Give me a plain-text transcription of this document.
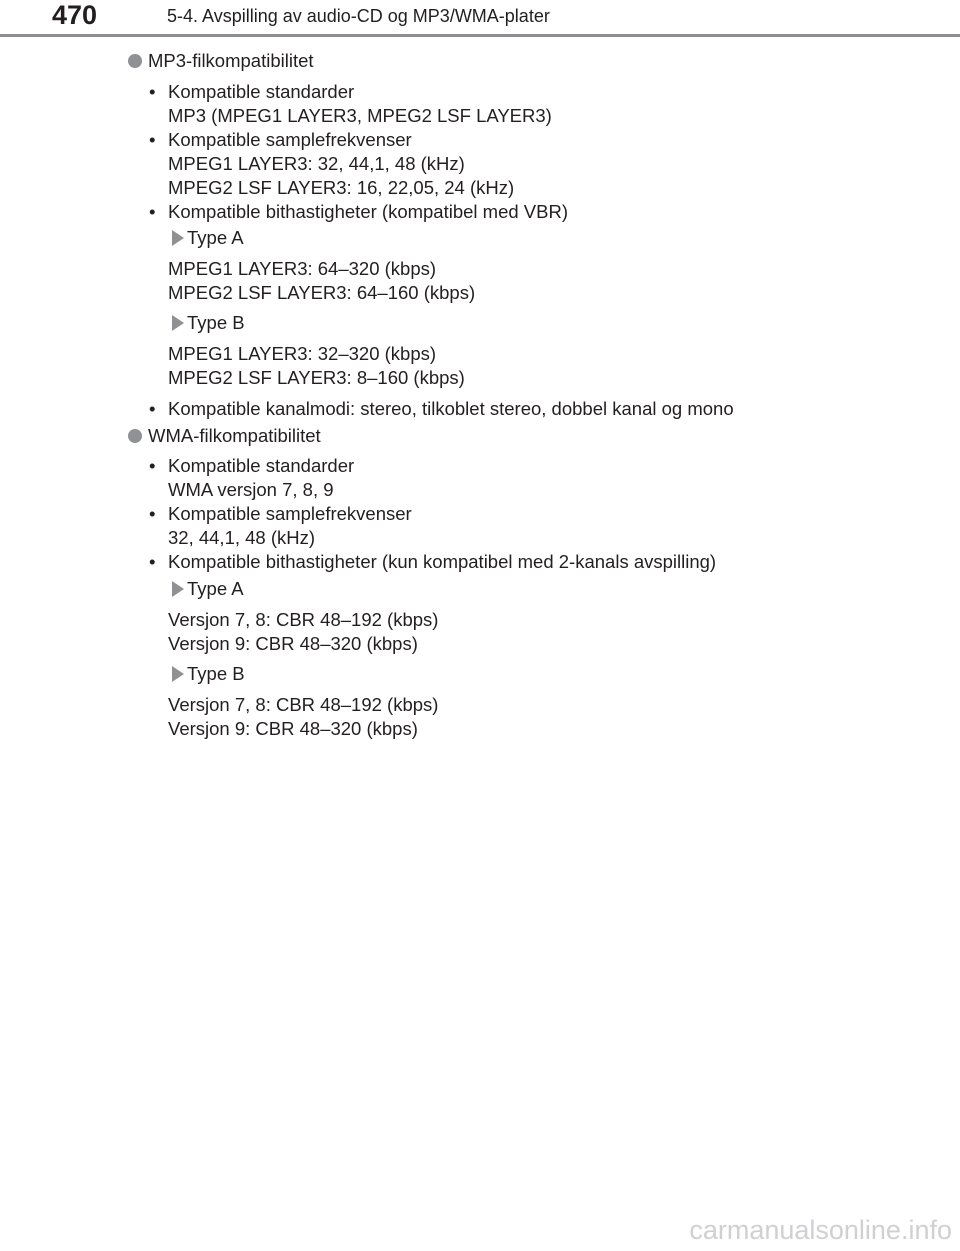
470	5-4. Avspilling av audio-CD og MP3/WMA-plater
MP3-filkompatibilitet
• Kompatible standarder
MP3 (MPEG1 LAYER3, MPEG2 LSF LAYER3)
• Kompatible samplefrekvenser
MPEG1 LAYER3: 32, 44,1, 48 (kHz)
MPEG2 LSF LAYER3: 16, 22,05, 24 (kHz)
• Kompatible bithastigheter (kompatibel med VBR)
Type A
MPEG1 LAYER3: 64–320 (kbps)
MPEG2 LSF LAYER3: 64–160 (kbps)
Type B
MPEG1 LAYER3: 32–320 (kbps)
MPEG2 LSF LAYER3: 8–160 (kbps)
• Kompatible kanalmodi: stereo, tilkoblet stereo, dobbel kanal og mono
WMA-filkompatibilitet
• Kompatible standarder
WMA versjon 7, 8, 9
• Kompatible samplefrekvenser
32, 44,1, 48 (kHz)
• Kompatible bithastigheter (kun kompatibel med 2-kanals avspilling)
Type A
Versjon 7, 8: CBR 48–192 (kbps)
Versjon 9: CBR 48–320 (kbps)
Type B
Versjon 7, 8: CBR 48–192 (kbps)
Versjon 9: CBR 48–320 (kbps)
carmanualsonline.info
